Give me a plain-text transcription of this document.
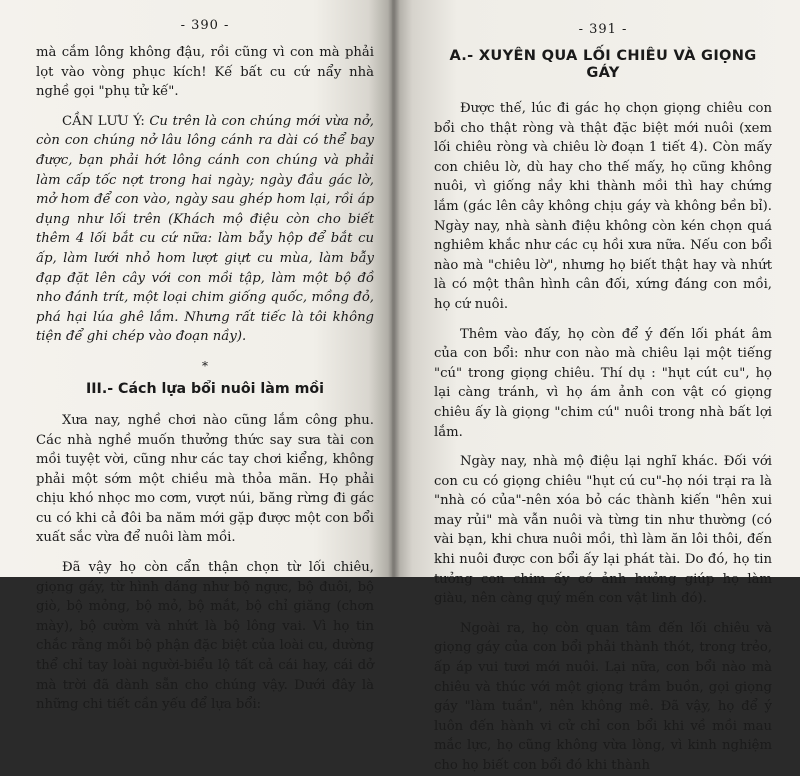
- 390 -

mà cắm lông không đậu, rồi cũng vì con mà phải lọt vào vòng phục kích! Kế bất cu cứ nẩy nhà nghề gọi "phụ tử kế".

CẦN LƯU Ý: Cu trên là con chúng mới vừa nở, còn con chúng nở lâu lông cánh ra dài có thể bay được, bạn phải hớt lông cánh con chúng và phải làm cấp tốc nợt trong hai ngày; ngày đầu gác lờ, mở hom để con vào, ngày sau ghép hom lại, rồi áp dụng như lối trên (Khách mộ điệu còn cho biết thêm 4 lối bắt cu cứ nữa: làm bẫy hộp để bắt cu ấp, làm lưới nhỏ hom lượt giựt cu mùa, làm bẫy đạp đặt lên cây với con mồi tập, làm một bộ đồ nho đánh trít, một loại chim giống quốc, mồng đỏ, phá hại lúa ghê lắm. Nhưng rất tiếc là tôi không tiện để ghi chép vào đoạn nầy).

*
III.- Cách lựa bổi nuôi làm mồi

Xưa nay, nghề chơi nào cũng lắm công phu. Các nhà nghề muốn thưởng thức say sưa tài con mồi tuyệt vời, cũng như các tay chơi kiểng, không phải một sớm một chiều mà thỏa mãn. Họ phải chịu khó nhọc mo cơm, vượt núi, băng rừng đi gác cu có khi cả đôi ba năm mới gặp được một con bổi xuất sắc vừa để nuôi làm mồi.

Đã vậy họ còn cẩn thận chọn từ lối chiêu, giọng gáy, từ hình dáng như bộ ngực, bộ đuôi, bộ giò, bộ mỏng, bộ mỏ, bộ mắt, bộ chỉ giăng (chơn mày), bộ cườm và nhứt là bộ lông vai. Vì họ tin chắc rằng mỗi bộ phận đặc biệt của loài cu, dường thể chỉ tay loài người-biểu lộ tất cả cái hay, cái dở mà trời đã dành sẵn cho chúng vậy. Dưới đây là những chi tiết cần yếu để lựa bổi:

- 391 -
A.- XUYÊN QUA LỐI CHIÊU VÀ GIỌNG GÁY

Được thế, lúc đi gác họ chọn giọng chiêu con bổi cho thật ròng và thật đặc biệt mới nuôi (xem lối chiêu ròng và chiêu lờ đoạn 1 tiết 4). Còn mấy con chiêu lờ, dù hay cho thế mấy, họ cũng không nuôi, vì giống nầy khi thành mồi thì hay chứng lắm (gác lên cây không chịu gáy và không bền bỉ). Ngày nay, nhà sành điệu không còn kén chọn quá nghiêm khắc như các cụ hồi xưa nữa. Nếu con bổi nào mà "chiêu lờ", nhưng họ biết thật hay và nhứt là có một thân hình cân đối, xứng đáng con mồi, họ cứ nuôi.

Thêm vào đấy, họ còn để ý đến lối phát âm của con bổi: như con nào mà chiêu lại một tiếng "cú" trong giọng chiêu. Thí dụ : "hụt cút cu", họ lại càng tránh, vì họ ám ảnh con vật có giọng chiêu ấy là giọng "chim cú" nuôi trong nhà bất lợi lắm.

Ngày nay, nhà mộ điệu lại nghĩ khác. Đối với con cu có giọng chiêu "hụt cú cu"-họ nói trại ra là "nhà có của"-nên xóa bỏ các thành kiến "hên xui may rủi" mà vẫn nuôi và từng tin như thường (có vài bạn, khi chưa nuôi mồi, thì làm ăn lôi thôi, đến khi nuôi được con bổi ấy lại phát tài. Do đó, họ tin tưởng con chim ấy có ảnh hưởng giúp họ làm giàu, nên càng quý mến con vật linh đó).

Ngoài ra, họ còn quan tâm đến lối chiêu và giọng gáy của con bổi phải thành thót, trong trẻo, ấp áp vui tươi mới nuôi. Lại nữa, con bổi nào mà chiêu và thúc với một giọng trầm buồn, gọi giọng gáy "làm tuần", nên không mê. Đã vậy, họ để ý luôn đến hành vi cử chỉ con bổi khi về mồi mau mắc lực, họ cũng không vừa lòng, vì kinh nghiệm cho họ biết con bổi đó khi thành
